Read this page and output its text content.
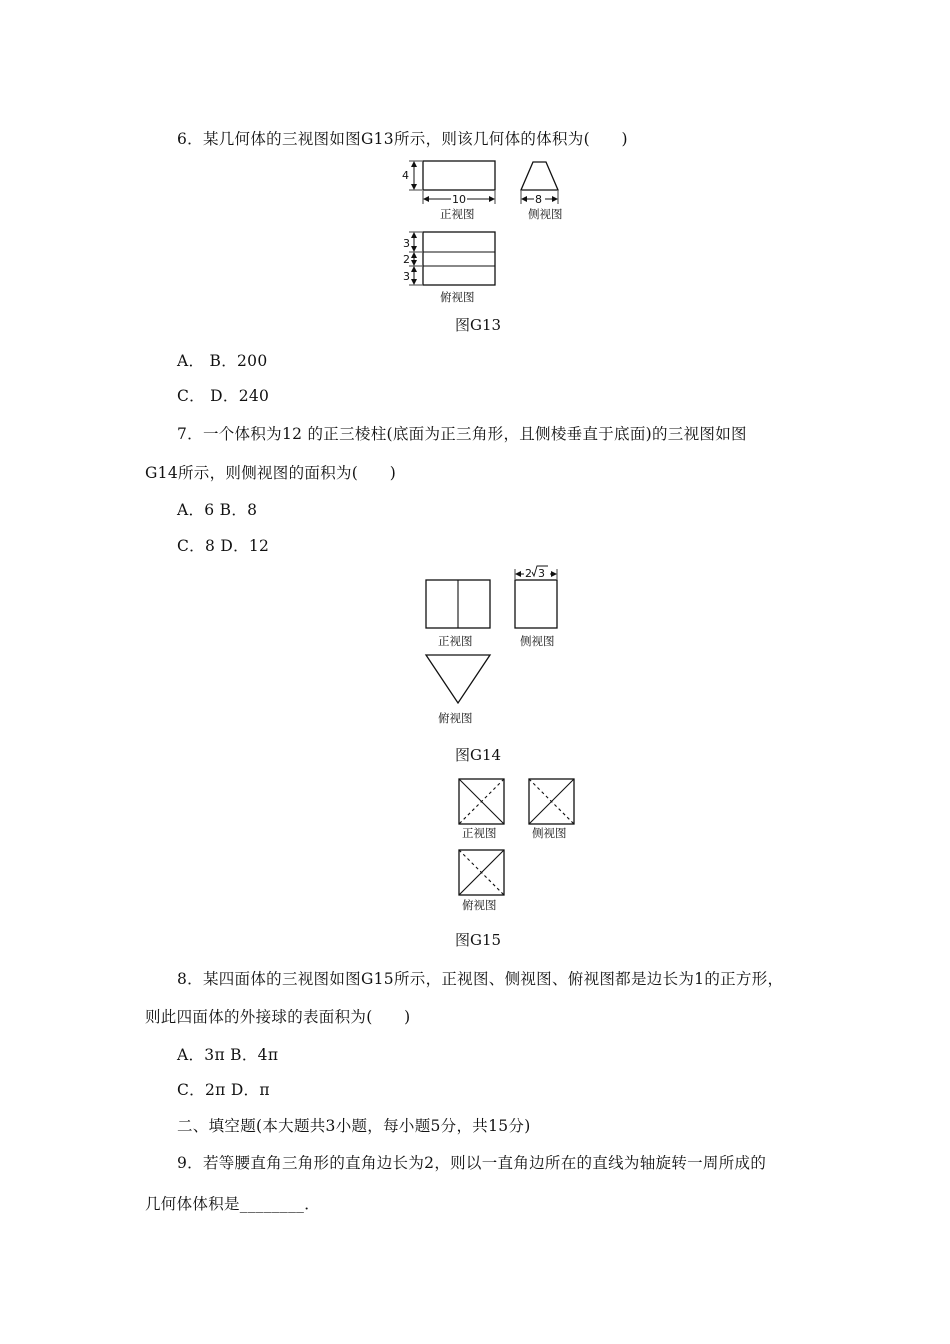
6．某几何体的三视图如图G13所示，则该几何体的体积为(　　)
4
10
正视图
8
侧视图
3
2
3
俯视图
图G13
A． B．200
C． D．240
7．一个体积为12 的正三棱柱(底面为正三角形，且侧棱垂直于底面)的三视图如图
G14所示，则侧视图的面积为(　　)
A．6 B．8
C．8 D．12
正视图
2 3
侧视图
俯视图
图G14
正视图	侧视图
俯视图
图G15
8．某四面体的三视图如图G15所示，正视图、侧视图、俯视图都是边长为1的正方形，
则此四面体的外接球的表面积为(　　)
A．3π B．4π
C．2π D．π
二、填空题(本大题共3小题，每小题5分，共15分)
9．若等腰直角三角形的直角边长为2，则以一直角边所在的直线为轴旋转一周所成的
几何体体积是________．
